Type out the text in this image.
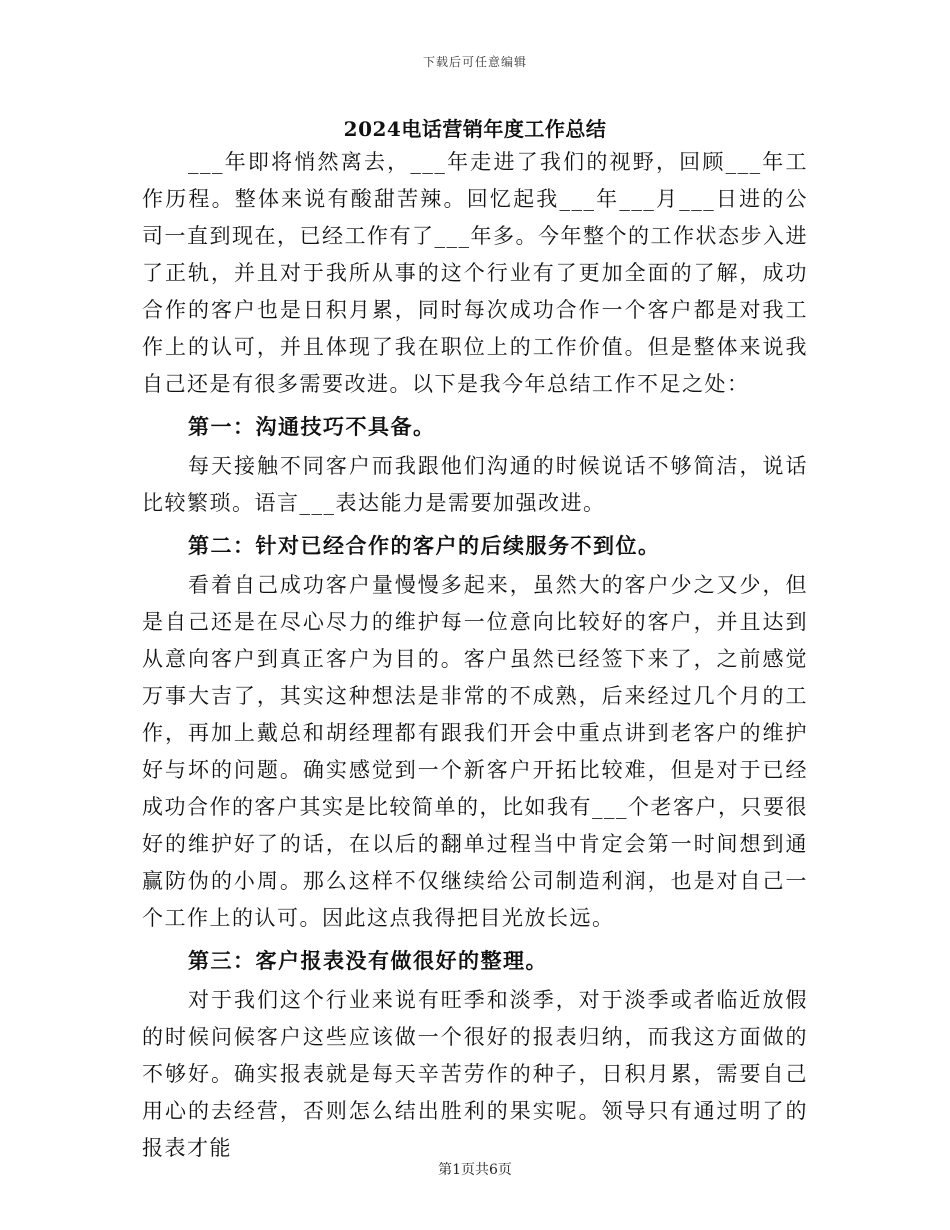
下载后可任意编辑
2024电话营销年度工作总结

___年即将悄然离去，___年走进了我们的视野，回顾___年工作历程。整体来说有酸甜苦辣。回忆起我___年___月___日进的公司一直到现在，已经工作有了___年多。今年整个的工作状态步入进了正轨，并且对于我所从事的这个行业有了更加全面的了解，成功合作的客户也是日积月累，同时每次成功合作一个客户都是对我工作上的认可，并且体现了我在职位上的工作价值。但是整体来说我自己还是有很多需要改进。以下是我今年总结工作不足之处：

第一：沟通技巧不具备。

每天接触不同客户而我跟他们沟通的时候说话不够简洁，说话比较繁琐。语言___表达能力是需要加强改进。

第二：针对已经合作的客户的后续服务不到位。

看着自己成功客户量慢慢多起来，虽然大的客户少之又少，但是自己还是在尽心尽力的维护每一位意向比较好的客户，并且达到从意向客户到真正客户为目的。客户虽然已经签下来了，之前感觉万事大吉了，其实这种想法是非常的不成熟，后来经过几个月的工作，再加上戴总和胡经理都有跟我们开会中重点讲到老客户的维护好与坏的问题。确实感觉到一个新客户开拓比较难，但是对于已经成功合作的客户其实是比较简单的，比如我有___个老客户，只要很好的维护好了的话，在以后的翻单过程当中肯定会第一时间想到通赢防伪的小周。那么这样不仅继续给公司制造利润，也是对自己一个工作上的认可。因此这点我得把目光放长远。

第三：客户报表没有做很好的整理。

对于我们这个行业来说有旺季和淡季，对于淡季或者临近放假的时候问候客户这些应该做一个很好的报表归纳，而我这方面做的不够好。确实报表就是每天辛苦劳作的种子，日积月累，需要自己用心的去经营，否则怎么结出胜利的果实呢。领导只有通过明了的报表才能

第1页共6页
